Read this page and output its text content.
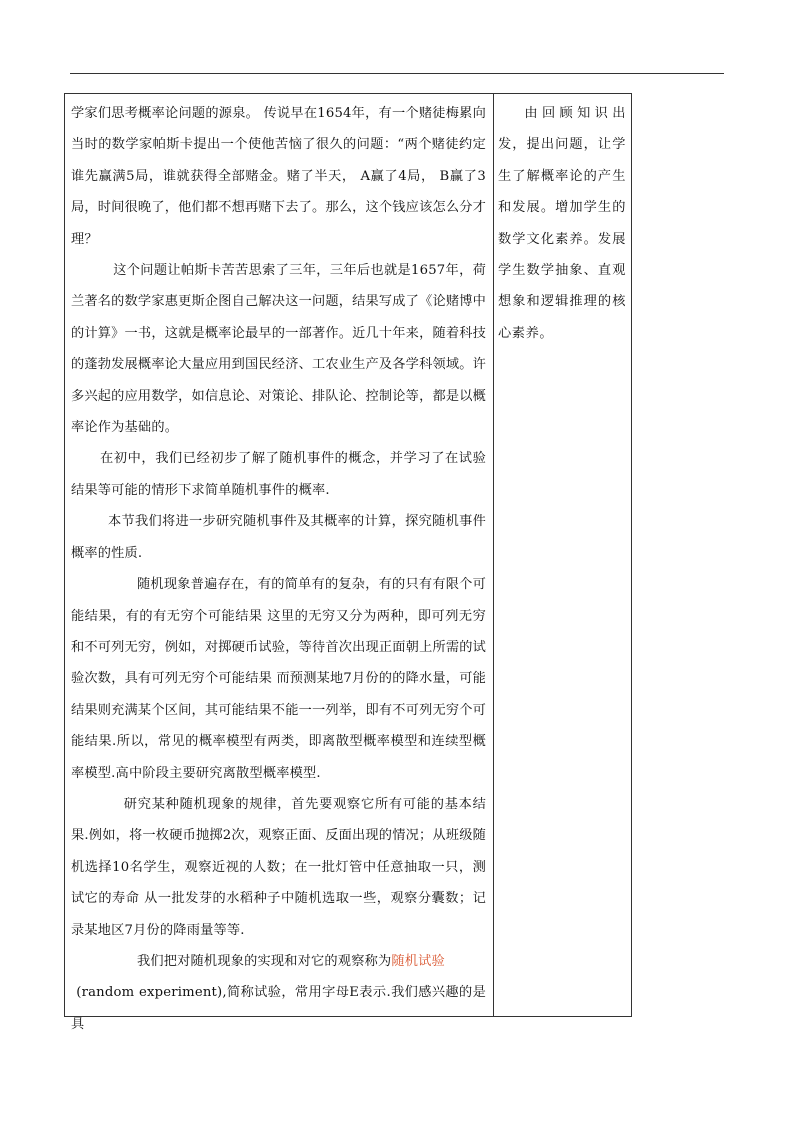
学家们思考概率论问题的源泉。 传说早在1654年，有一个赌徒梅累向当时的数学家帕斯卡提出一个使他苦恼了很久的问题：“两个赌徒约定谁先赢满5局，谁就获得全部赌金。赌了半天， A赢了4局， B赢了3局，时间很晚了，他们都不想再赌下去了。那么，这个钱应该怎么分才理？

这个问题让帕斯卡苦苦思索了三年，三年后也就是1657年，荷兰著名的数学家惠更斯企图自己解决这一问题，结果写成了《论赌博中的计算》一书，这就是概率论最早的一部著作。近几十年来，随着科技的蓬勃发展概率论大量应用到国民经济、工农业生产及各学科领域。许多兴起的应用数学，如信息论、对策论、排队论、控制论等，都是以概率论作为基础的。

在初中，我们已经初步了解了随机事件的概念，并学习了在试验结果等可能的情形下求简单随机事件的概率.

本节我们将进一步研究随机事件及其概率的计算，探究随机事件概率的性质.

随机现象普遍存在，有的简单有的复杂，有的只有有限个可能结果，有的有无穷个可能结果 这里的无穷又分为两种，即可列无穷和不可列无穷，例如，对掷硬币试验，等待首次出现正面朝上所需的试验次数，具有可列无穷个可能结果 而预测某地7月份的的降水量，可能结果则充满某个区间，其可能结果不能一一列举，即有不可列无穷个可能结果.所以，常见的概率模型有两类，即离散型概率模型和连续型概率模型.高中阶段主要研究离散型概率模型.

研究某种随机现象的规律，首先要观察它所有可能的基本结果.例如，将一枚硬币抛掷2次，观察正面、反面出现的情况；从班级随机选择10名学生，观察近视的人数；在一批灯管中任意抽取一只，测试它的寿命 从一批发芽的水稻种子中随机选取一些，观察分囊数；记录某地区7月份的降雨量等等.

我们把对随机现象的实现和对它的观察称为随机试验

(random experiment),简称试验，常用字母E表示.我们感兴趣的是具

由回顾知识出发，提出问题，让学生了解概率论的产生和发展。增加学生的数学文化素养。发展学生数学抽象、直观想象和逻辑推理的核心素养。
